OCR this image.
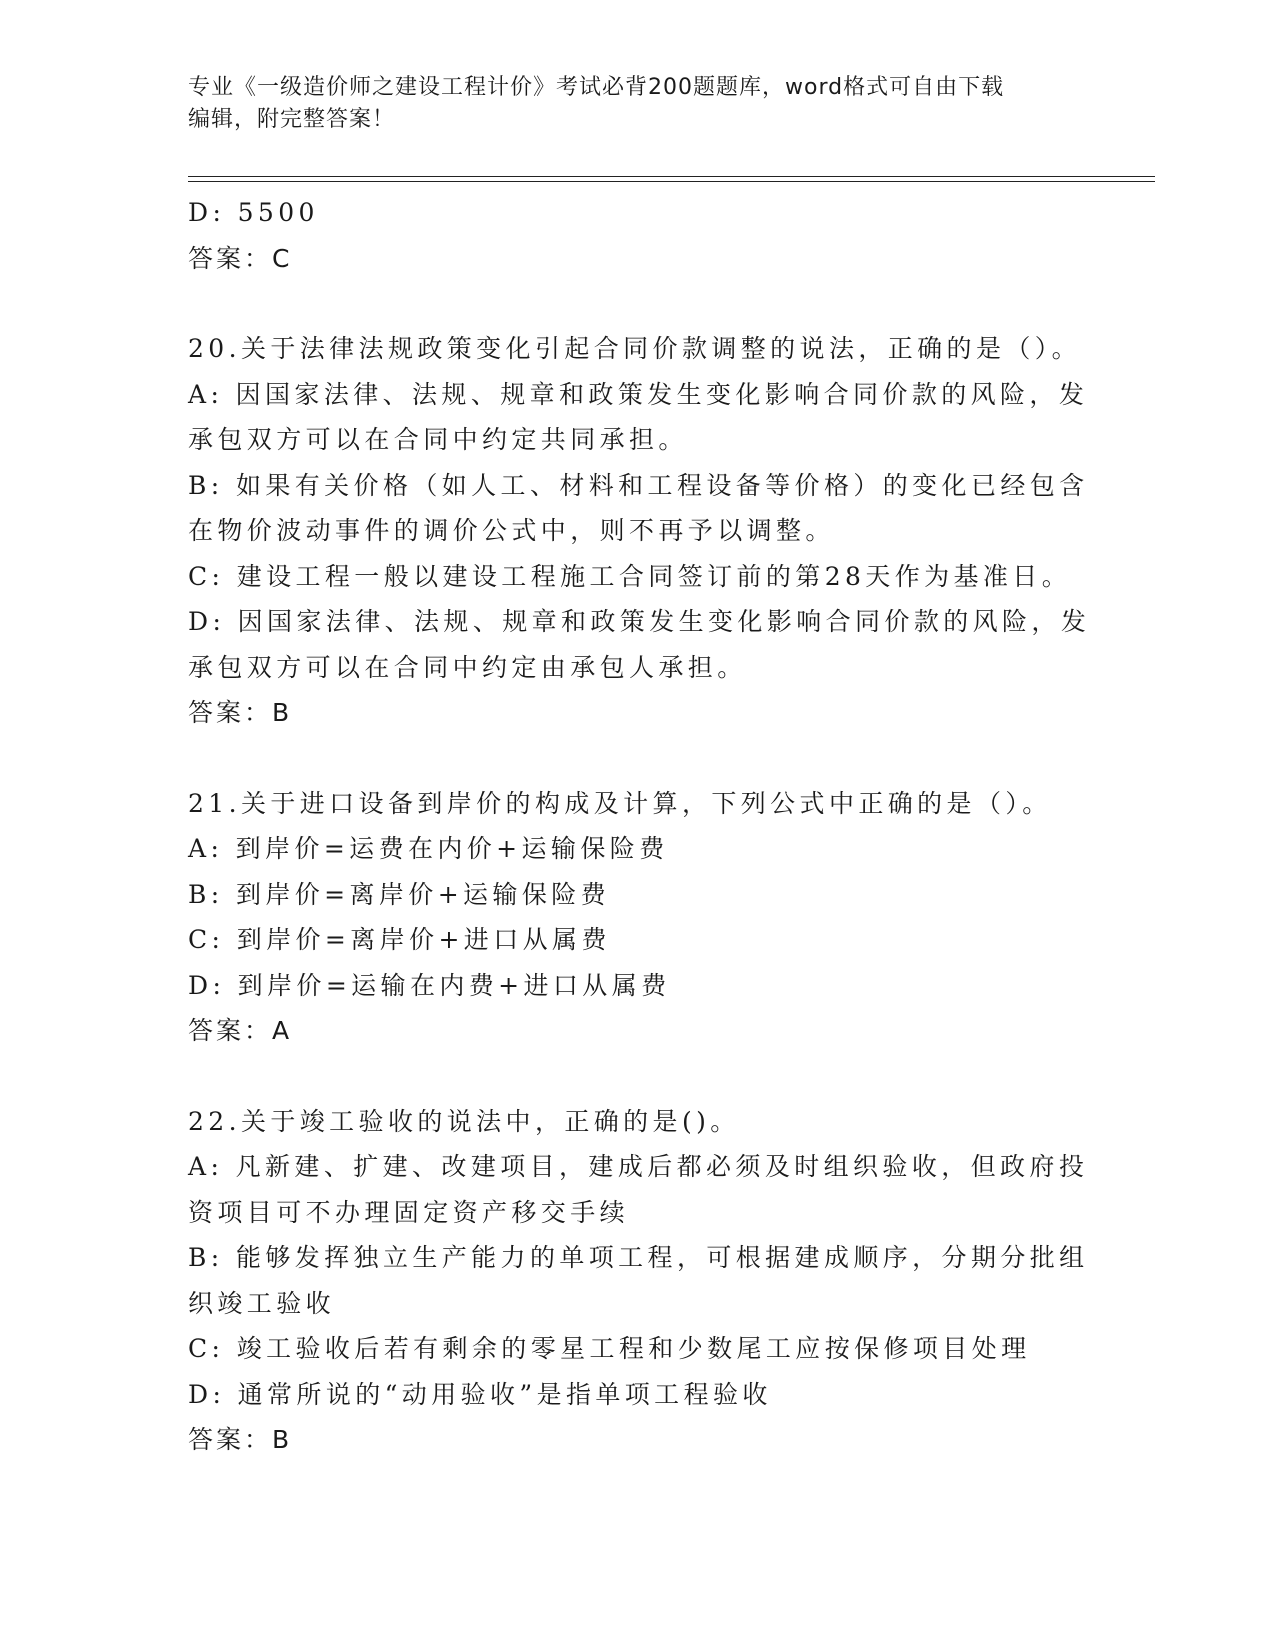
专业《一级造价师之建设工程计价》考试必背200题题库，word格式可自由下载
编辑，附完整答案！
D: 5500
答案：C
20.关于法律法规政策变化引起合同价款调整的说法，正确的是（）。
A: 因国家法律、法规、规章和政策发生变化影响合同价款的风险，发
承包双方可以在合同中约定共同承担。
B: 如果有关价格（如人工、材料和工程设备等价格）的变化已经包含
在物价波动事件的调价公式中，则不再予以调整。
C: 建设工程一般以建设工程施工合同签订前的第28天作为基准日。
D: 因国家法律、法规、规章和政策发生变化影响合同价款的风险，发
承包双方可以在合同中约定由承包人承担。
答案：B
21.关于进口设备到岸价的构成及计算，下列公式中正确的是（）。
A: 到岸价=运费在内价+运输保险费
B: 到岸价=离岸价+运输保险费
C: 到岸价=离岸价+进口从属费
D: 到岸价=运输在内费+进口从属费
答案：A
22.关于竣工验收的说法中，正确的是()。
A: 凡新建、扩建、改建项目，建成后都必须及时组织验收，但政府投
资项目可不办理固定资产移交手续
B: 能够发挥独立生产能力的单项工程，可根据建成顺序，分期分批组
织竣工验收
C: 竣工验收后若有剩余的零星工程和少数尾工应按保修项目处理
D: 通常所说的“动用验收”是指单项工程验收
答案：B
